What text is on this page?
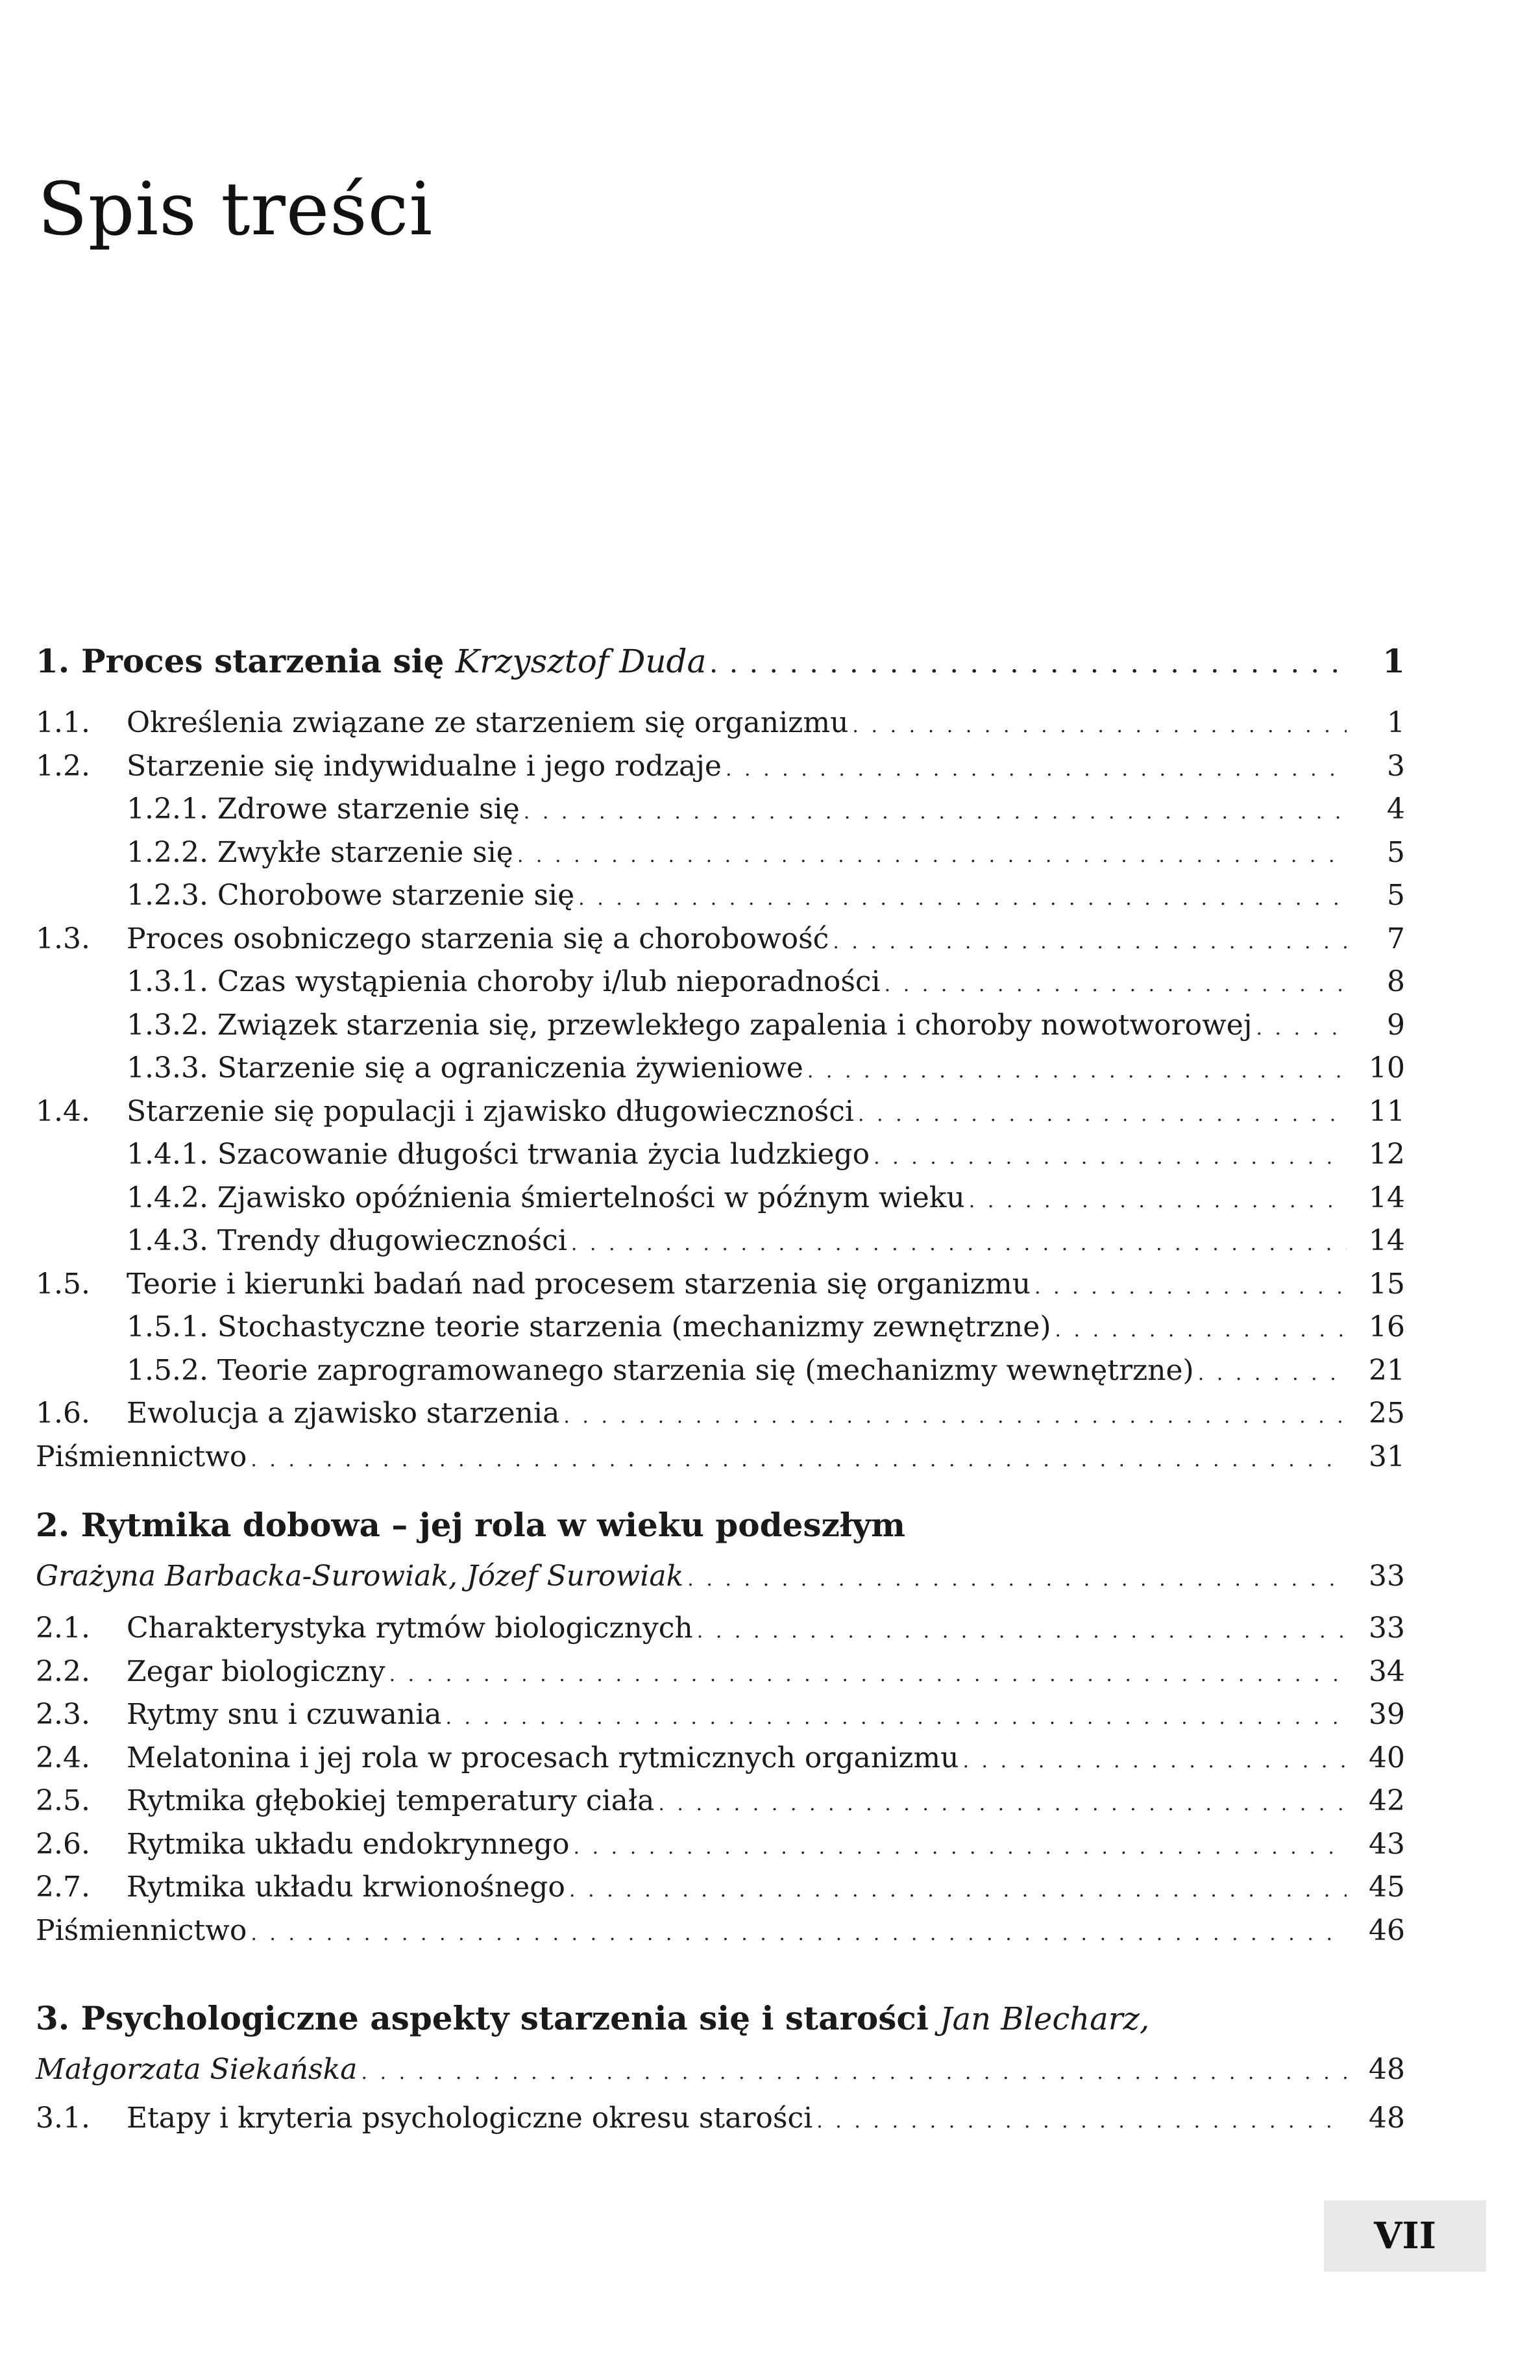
Spis treści
1. Proces starzenia się Krzysztof Duda . . .	1
1.1.	Określenia związane ze starzeniem się organizmu . . .	1
1.2.	Starzenie się indywidualne i jego rodzaje . . .	3
1.2.1. Zdrowe starzenie się . . .	4
1.2.2. Zwykłe starzenie się . . .	5
1.2.3. Chorobowe starzenie się . . .	5
1.3.	Proces osobniczego starzenia się a chorobowość . . .	7
1.3.1. Czas wystąpienia choroby i/lub nieporadności . . .	8
1.3.2. Związek starzenia się, przewlekłego zapalenia i choroby nowotworowej . . .	9
1.3.3. Starzenie się a ograniczenia żywieniowe . . .	10
1.4.	Starzenie się populacji i zjawisko długowieczności . . .	11
1.4.1. Szacowanie długości trwania życia ludzkiego . . .	12
1.4.2. Zjawisko opóźnienia śmiertelności w późnym wieku . . .	14
1.4.3. Trendy długowieczności . . .	14
1.5.	Teorie i kierunki badań nad procesem starzenia się organizmu . . .	15
1.5.1. Stochastyczne teorie starzenia (mechanizmy zewnętrzne) . . .	16
1.5.2. Teorie zaprogramowanego starzenia się (mechanizmy wewnętrzne) . . .	21
1.6.	Ewolucja a zjawisko starzenia . . .	25
Piśmiennictwo . . .	31
2. Rytmika dobowa – jej rola w wieku podeszłym
Grażyna Barbacka-Surowiak, Józef Surowiak . . .	33
2.1.	Charakterystyka rytmów biologicznych . . .	33
2.2.	Zegar biologiczny . . .	34
2.3.	Rytmy snu i czuwania . . .	39
2.4.	Melatonina i jej rola w procesach rytmicznych organizmu . . .	40
2.5.	Rytmika głębokiej temperatury ciała . . .	42
2.6.	Rytmika układu endokrynnego . . .	43
2.7.	Rytmika układu krwionośnego . . .	45
Piśmiennictwo . . .	46
3. Psychologiczne aspekty starzenia się i starości Jan Blecharz,
Małgorzata Siekańska . . .	48
3.1.	Etapy i kryteria psychologiczne okresu starości . . .	48
VII
